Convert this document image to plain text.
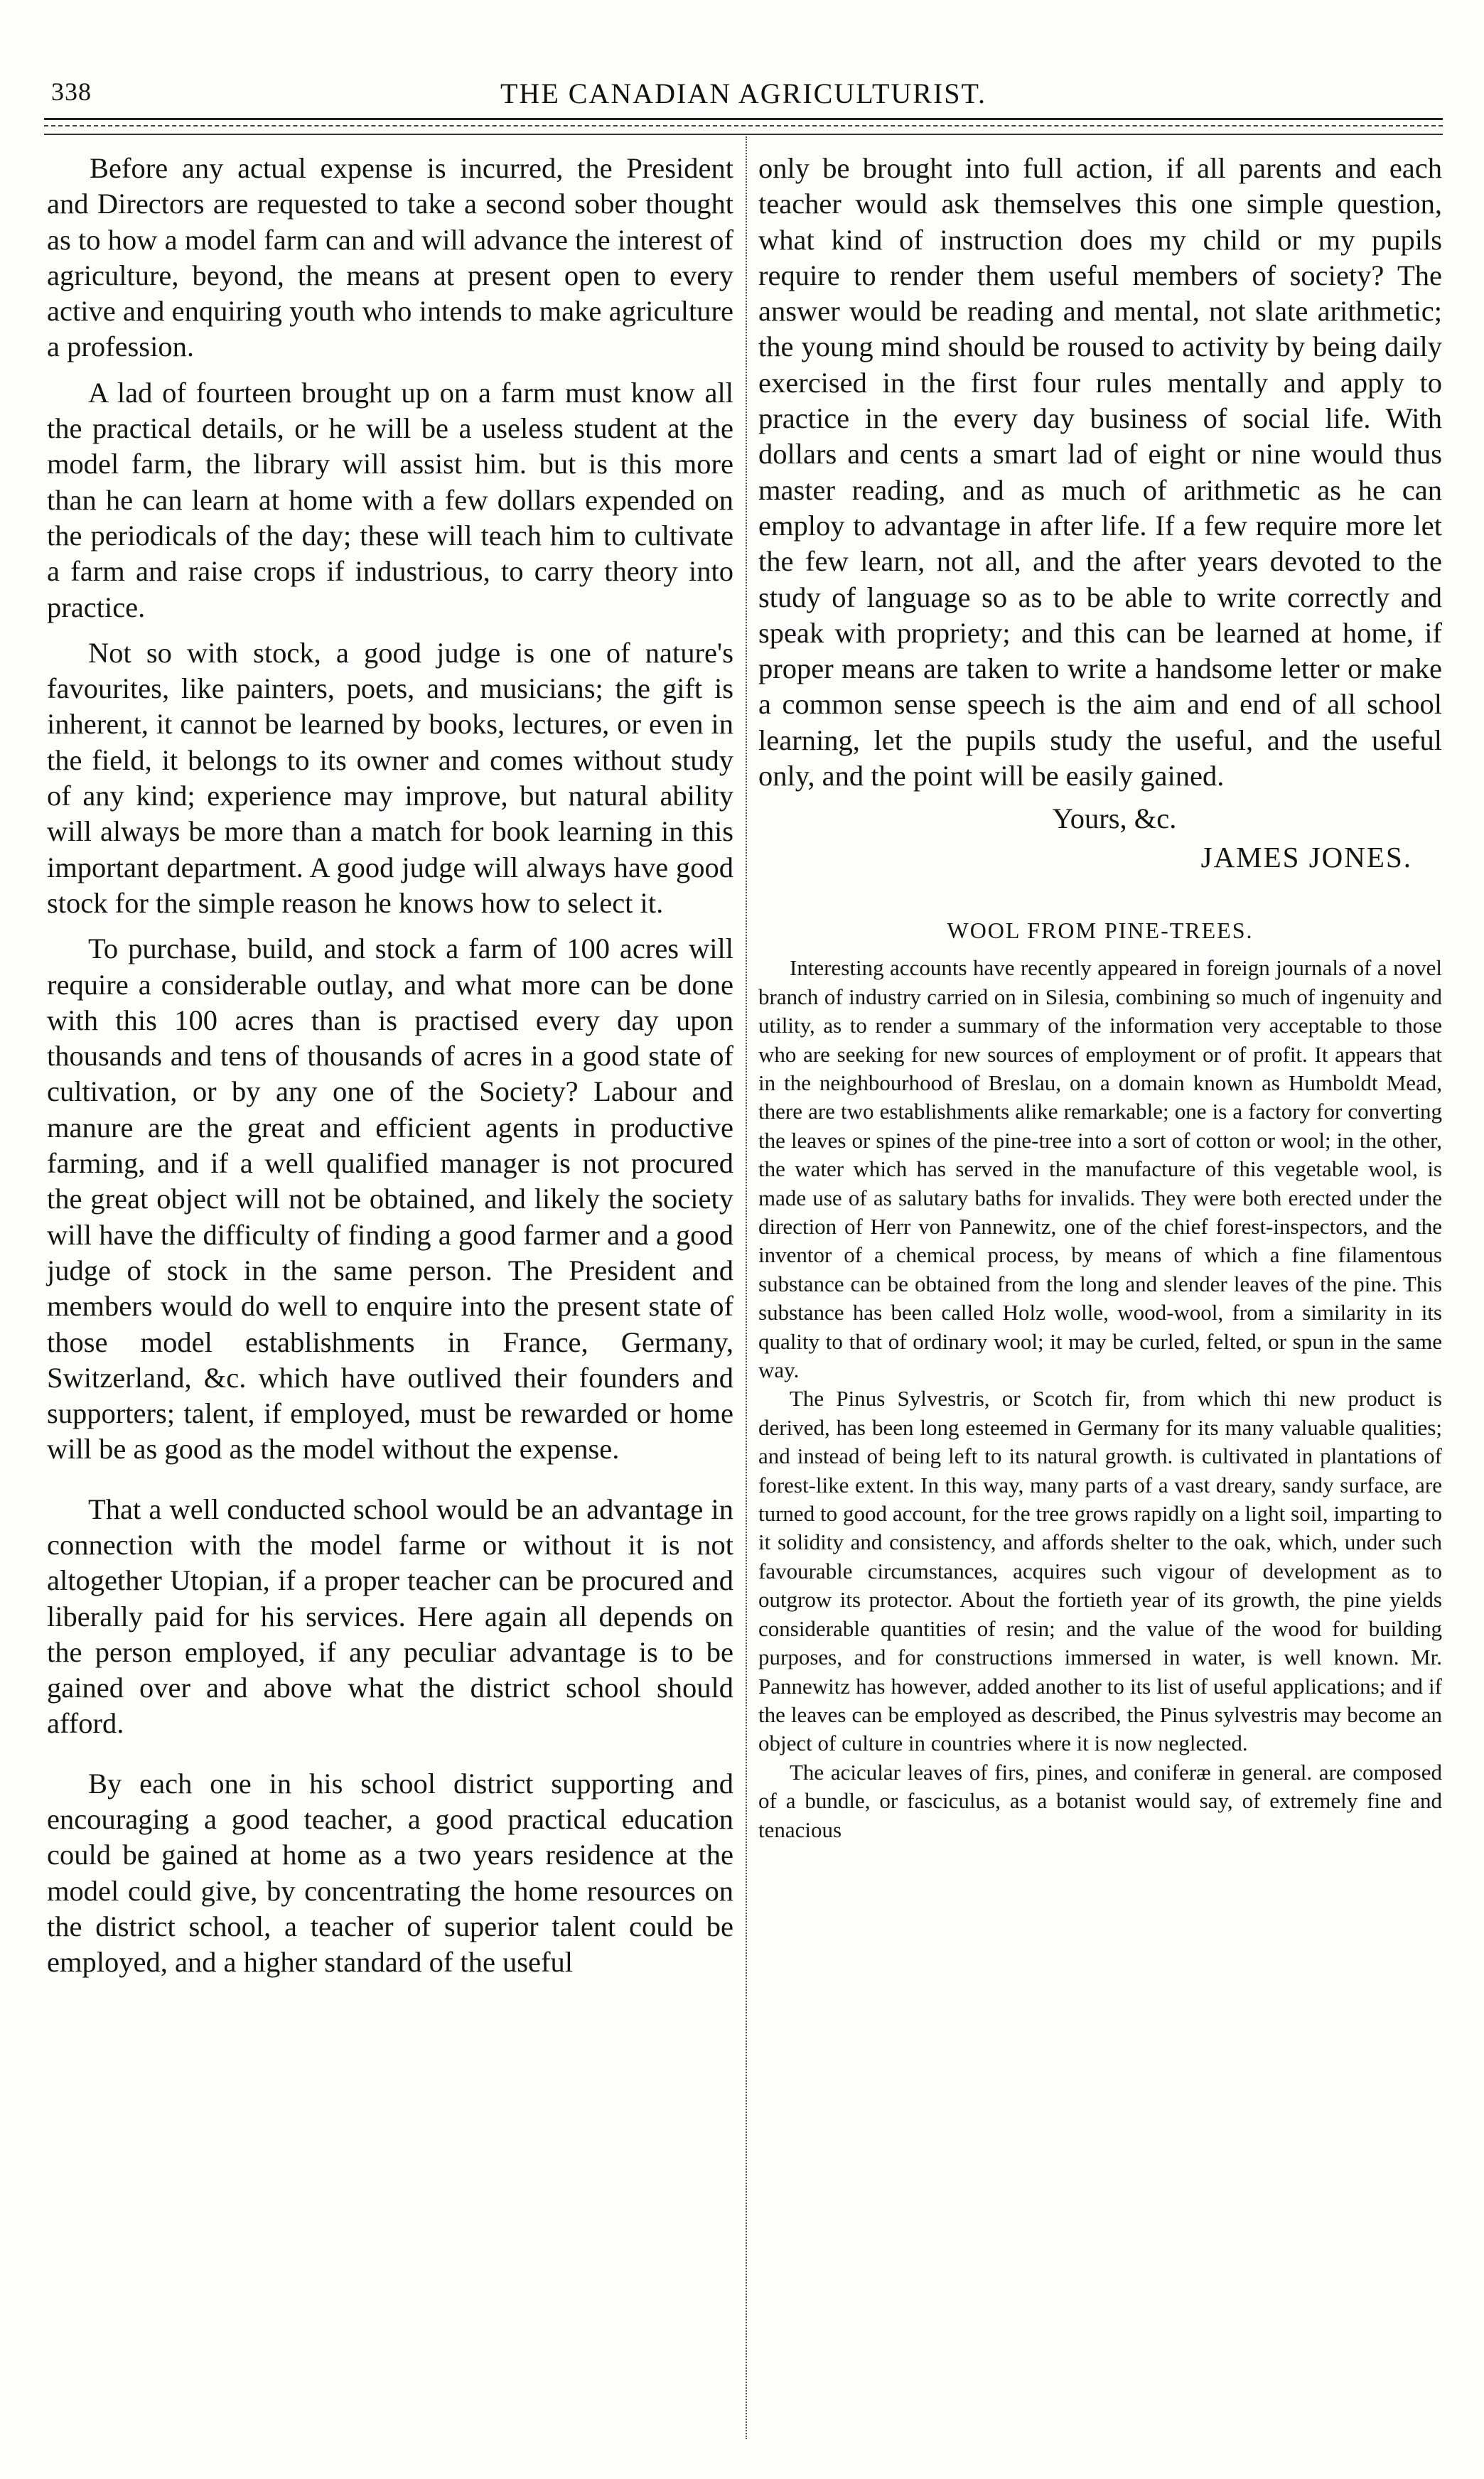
338	THE CANADIAN AGRICULTURIST.

Before any actual expense is incurred, the President and Directors are requested to take a second sober thought as to how a model farm can and will advance the interest of agriculture, beyond, the means at present open to every active and enquiring youth who intends to make agriculture a profession.

A lad of fourteen brought up on a farm must know all the practical details, or he will be a useless student at the model farm, the library will assist him. but is this more than he can learn at home with a few dollars expended on the periodicals of the day; these will teach him to cultivate a farm and raise crops if industrious, to carry theory into practice.

Not so with stock, a good judge is one of nature's favourites, like painters, poets, and musicians; the gift is inherent, it cannot be learned by books, lectures, or even in the field, it belongs to its owner and comes without study of any kind; experience may improve, but natural ability will always be more than a match for book learning in this important department. A good judge will always have good stock for the simple reason he knows how to select it.

To purchase, build, and stock a farm of 100 acres will require a considerable outlay, and what more can be done with this 100 acres than is practised every day upon thousands and tens of thousands of acres in a good state of cultivation, or by any one of the Society? Labour and manure are the great and efficient agents in productive farming, and if a well qualified manager is not procured the great object will not be obtained, and likely the society will have the difficulty of finding a good farmer and a good judge of stock in the same person. The President and members would do well to enquire into the present state of those model establishments in France, Germany, Switzerland, &c. which have outlived their founders and supporters; talent, if employed, must be rewarded or home will be as good as the model without the expense.

That a well conducted school would be an advantage in connection with the model farme or without it is not altogether Utopian, if a proper teacher can be procured and liberally paid for his services. Here again all depends on the person employed, if any peculiar advantage is to be gained over and above what the district school should afford.

By each one in his school district supporting and encouraging a good teacher, a good practical education could be gained at home as a two years residence at the model could give, by concentrating the home resources on the district school, a teacher of superior talent could be employed, and a higher standard of the useful

only be brought into full action, if all parents and each teacher would ask themselves this one simple question, what kind of instruction does my child or my pupils require to render them useful members of society? The answer would be reading and mental, not slate arithmetic; the young mind should be roused to activity by being daily exercised in the first four rules mentally and apply to practice in the every day business of social life. With dollars and cents a smart lad of eight or nine would thus master reading, and as much of arithmetic as he can employ to advantage in after life. If a few require more let the few learn, not all, and the after years devoted to the study of language so as to be able to write correctly and speak with propriety; and this can be learned at home, if proper means are taken to write a handsome letter or make a common sense speech is the aim and end of all school learning, let the pupils study the useful, and the useful only, and the point will be easily gained.

Yours, &c.
JAMES JONES.
WOOL FROM PINE-TREES.

Interesting accounts have recently appeared in foreign journals of a novel branch of industry carried on in Silesia, combining so much of ingenuity and utility, as to render a summary of the information very acceptable to those who are seeking for new sources of employment or of profit. It appears that in the neighbourhood of Breslau, on a domain known as Humboldt Mead, there are two establishments alike remarkable; one is a factory for converting the leaves or spines of the pine-tree into a sort of cotton or wool; in the other, the water which has served in the manufacture of this vegetable wool, is made use of as salutary baths for invalids. They were both erected under the direction of Herr von Pannewitz, one of the chief forest-inspectors, and the inventor of a chemical process, by means of which a fine filamentous substance can be obtained from the long and slender leaves of the pine. This substance has been called Holz wolle, wood-wool, from a similarity in its quality to that of ordinary wool; it may be curled, felted, or spun in the same way.

The Pinus Sylvestris, or Scotch fir, from which thi new product is derived, has been long esteemed in Germany for its many valuable qualities; and instead of being left to its natural growth. is cultivated in plantations of forest-like extent. In this way, many parts of a vast dreary, sandy surface, are turned to good account, for the tree grows rapidly on a light soil, imparting to it solidity and consistency, and affords shelter to the oak, which, under such favourable circumstances, acquires such vigour of development as to outgrow its protector. About the fortieth year of its growth, the pine yields considerable quantities of resin; and the value of the wood for building purposes, and for constructions immersed in water, is well known. Mr. Pannewitz has however, added another to its list of useful applications; and if the leaves can be employed as described, the Pinus sylvestris may become an object of culture in countries where it is now neglected.

The acicular leaves of firs, pines, and coniferæ in general. are composed of a bundle, or fasciculus, as a botanist would say, of extremely fine and tenacious
